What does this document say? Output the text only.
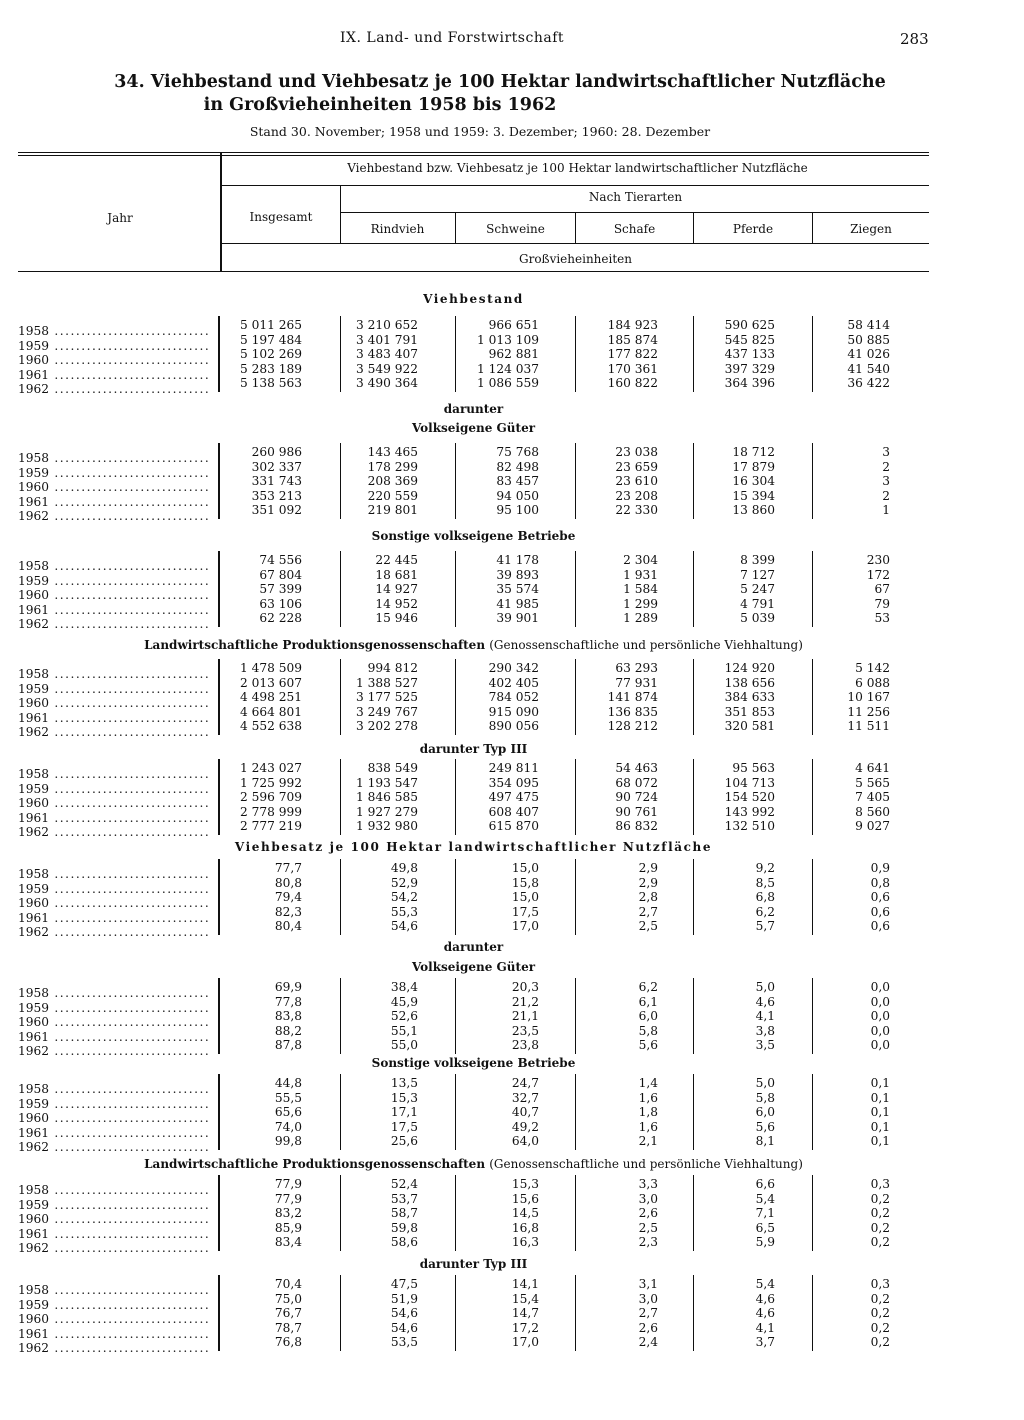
IX. Land- und Forstwirtschaft	283
34. Viehbestand und Viehbesatz je 100 Hektar landwirtschaftlicher Nutzfläche
in Großvieheinheiten 1958 bis 1962
Stand 30. November; 1958 und 1959: 3. Dezember; 1960: 28. Dezember
Jahr
Viehbestand bzw. Viehbesatz je 100 Hektar landwirtschaftlicher Nutzfläche
Insgesamt
Nach Tierarten
Rindvieh	Schweine	Schafe	Pferde	Ziegen
Großvieheinheiten
Viehbestand
1958 .....	5 011 265	3 210 652	966 651	184 923	590 625	58 414
1959 .....	5 197 484	3 401 791	1 013 109	185 874	545 825	50 885
1960 .....	5 102 269	3 483 407	962 881	177 822	437 133	41 026
1961 .....	5 283 189	3 549 922	1 124 037	170 361	397 329	41 540
1962 .....	5 138 563	3 490 364	1 086 559	160 822	364 396	36 422
darunter
Volkseigene Güter
1958 .....	260 986	143 465	75 768	23 038	18 712	3
1959 .....	302 337	178 299	82 498	23 659	17 879	2
1960 .....	331 743	208 369	83 457	23 610	16 304	3
1961 .....	353 213	220 559	94 050	23 208	15 394	2
1962 .....	351 092	219 801	95 100	22 330	13 860	1
Sonstige volkseigene Betriebe
1958 .....	74 556	22 445	41 178	2 304	8 399	230
1959 .....	67 804	18 681	39 893	1 931	7 127	172
1960 .....	57 399	14 927	35 574	1 584	5 247	67
1961 .....	63 106	14 952	41 985	1 299	4 791	79
1962 .....	62 228	15 946	39 901	1 289	5 039	53
Landwirtschaftliche Produktionsgenossenschaften (Genossenschaftliche und persönliche Viehhaltung)
1958 .....	1 478 509	994 812	290 342	63 293	124 920	5 142
1959 .....	2 013 607	1 388 527	402 405	77 931	138 656	6 088
1960 .....	4 498 251	3 177 525	784 052	141 874	384 633	10 167
1961 .....	4 664 801	3 249 767	915 090	136 835	351 853	11 256
1962 .....	4 552 638	3 202 278	890 056	128 212	320 581	11 511
darunter Typ III
1958 .....	1 243 027	838 549	249 811	54 463	95 563	4 641
1959 .....	1 725 992	1 193 547	354 095	68 072	104 713	5 565
1960 .....	2 596 709	1 846 585	497 475	90 724	154 520	7 405
1961 .....	2 778 999	1 927 279	608 407	90 761	143 992	8 560
1962 .....	2 777 219	1 932 980	615 870	86 832	132 510	9 027
Viehbesatz je 100 Hektar landwirtschaftlicher Nutzfläche
1958 .....	77,7	49,8	15,0	2,9	9,2	0,9
1959 .....	80,8	52,9	15,8	2,9	8,5	0,8
1960 .....	79,4	54,2	15,0	2,8	6,8	0,6
1961 .....	82,3	55,3	17,5	2,7	6,2	0,6
1962 .....	80,4	54,6	17,0	2,5	5,7	0,6
darunter
Volkseigene Güter
1958 .....	69,9	38,4	20,3	6,2	5,0	0,0
1959 .....	77,8	45,9	21,2	6,1	4,6	0,0
1960 .....	83,8	52,6	21,1	6,0	4,1	0,0
1961 .....	88,2	55,1	23,5	5,8	3,8	0,0
1962 .....	87,8	55,0	23,8	5,6	3,5	0,0
Sonstige volkseigene Betriebe
1958 .....	44,8	13,5	24,7	1,4	5,0	0,1
1959 .....	55,5	15,3	32,7	1,6	5,8	0,1
1960 .....	65,6	17,1	40,7	1,8	6,0	0,1
1961 .....	74,0	17,5	49,2	1,6	5,6	0,1
1962 .....	99,8	25,6	64,0	2,1	8,1	0,1
Landwirtschaftliche Produktionsgenossenschaften (Genossenschaftliche und persönliche Viehhaltung)
1958 .....	77,9	52,4	15,3	3,3	6,6	0,3
1959 .....	77,9	53,7	15,6	3,0	5,4	0,2
1960 .....	83,2	58,7	14,5	2,6	7,1	0,2
1961 .....	85,9	59,8	16,8	2,5	6,5	0,2
1962 .....	83,4	58,6	16,3	2,3	5,9	0,2
darunter Typ III
1958 .....	70,4	47,5	14,1	3,1	5,4	0,3
1959 .....	75,0	51,9	15,4	3,0	4,6	0,2
1960 .....	76,7	54,6	14,7	2,7	4,6	0,2
1961 .....	78,7	54,6	17,2	2,6	4,1	0,2
1962 .....	76,8	53,5	17,0	2,4	3,7	0,2
